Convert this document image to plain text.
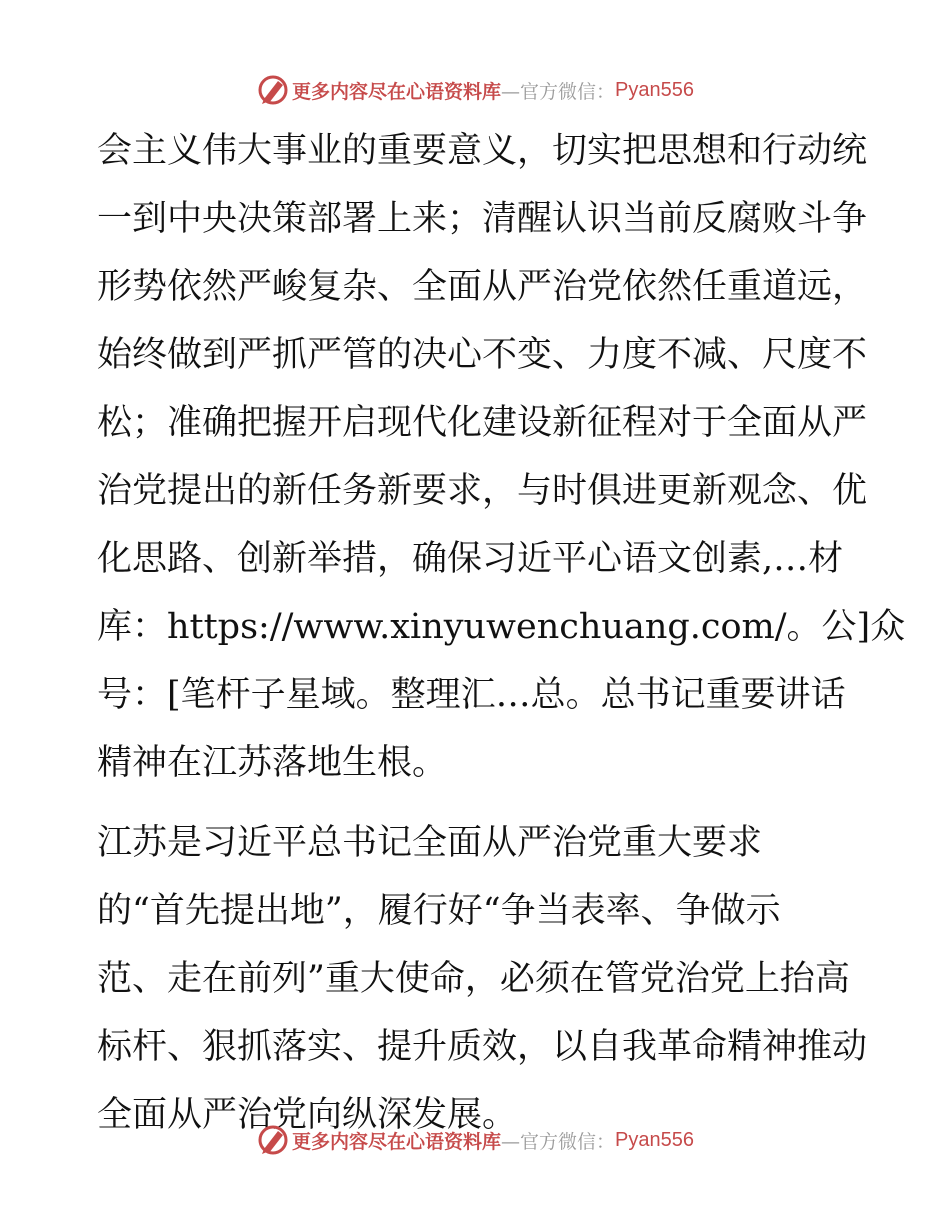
更多内容尽在心语资料库 —官方微信： Pyan556
会主义伟大事业的重要意义，切实把思想和行动统
一到中央决策部署上来；清醒认识当前反腐败斗争
形势依然严峻复杂、全面从严治党依然任重道远，
始终做到严抓严管的决心不变、力度不减、尺度不
松；准确把握开启现代化建设新征程对于全面从严
治党提出的新任务新要求，与时俱进更新观念、优
化思路、创新举措，确保习近平心语文创素,…材
库：https://www.xinyuwenchuang.com/。公]众
号：[笔杆子星域。整理汇…总。总书记重要讲话
精神在江苏落地生根。
江苏是习近平总书记全面从严治党重大要求
的“首先提出地”，履行好“争当表率、争做示
范、走在前列”重大使命，必须在管党治党上抬高
标杆、狠抓落实、提升质效，以自我革命精神推动
全面从严治党向纵深发展。
更多内容尽在心语资料库 —官方微信： Pyan556
